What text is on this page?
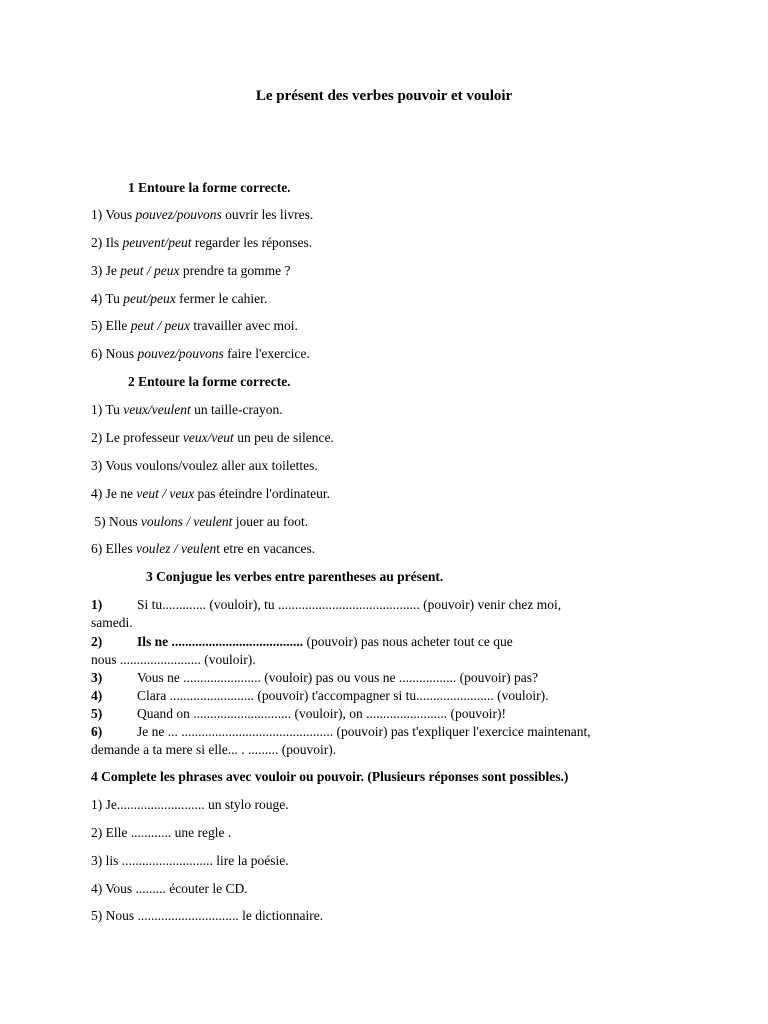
Le présent des verbes pouvoir et vouloir
1 Entoure la forme correcte.
1) Vous pouvez/pouvons ouvrir les livres.
2) Ils peuvent/peut regarder les réponses.
3) Je peut / peux prendre ta gomme ?
4) Tu peut/peux fermer le cahier.
5) Elle peut / peux travailler avec moi.
6) Nous pouvez/pouvons faire l'exercice.
2 Entoure la forme correcte.
1) Tu veux/veulent un taille-crayon.
2) Le professeur veux/veut un peu de silence.
3) Vous voulons/voulez aller aux toilettes.
4) Je ne veut / veux pas éteindre l'ordinateur.
5) Nous voulons / veulent jouer au foot.
6) Elles voulez / veulent etre en vacances.
3 Conjugue les verbes entre parentheses au présent.
1)	Si tu............. (vouloir), tu .......................................... (pouvoir) venir chez moi,
samedi.
2)	Ils ne ....................................... (pouvoir) pas nous acheter tout ce que
nous ........................ (vouloir).
3)	Vous ne ....................... (vouloir) pas ou vous ne ................. (pouvoir) pas?
4)	Clara ......................... (pouvoir) t'accompagner si tu....................... (vouloir).
5)	Quand on ............................. (vouloir), on ........................ (pouvoir)!
6)	Je ne ... ............................................. (pouvoir) pas t'expliquer l'exercice maintenant,
demande a ta mere si elle... . ......... (pouvoir).
4 Complete les phrases avec vouloir ou pouvoir. (Plusieurs réponses sont possibles.)
1) Je.......................... un stylo rouge.
2) Elle ............ une regle .
3) lis ........................... lire la poésie.
4) Vous ......... écouter le CD.
5) Nous .............................. le dictionnaire.
